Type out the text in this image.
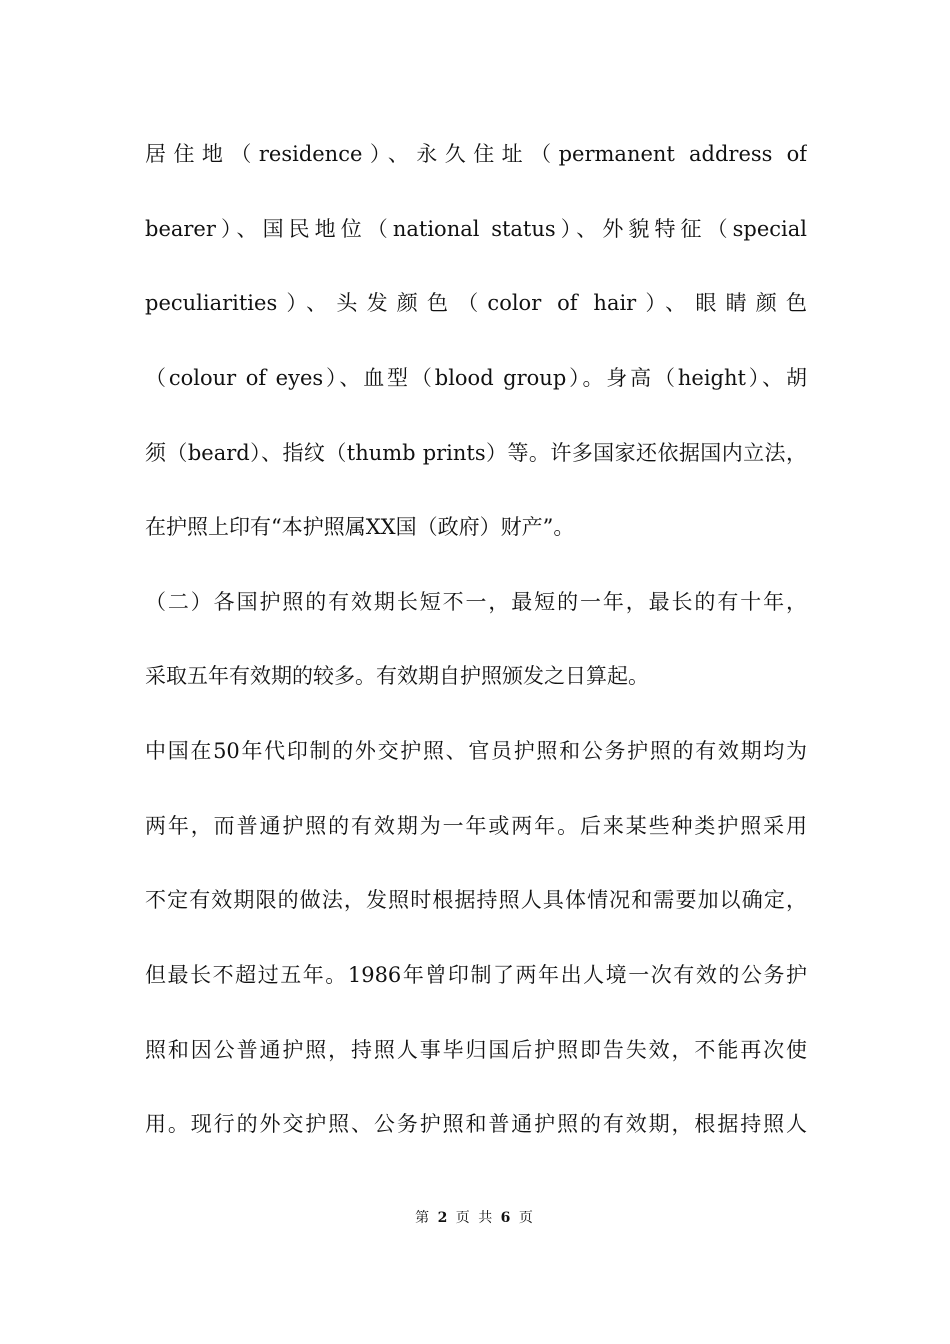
居住地（residence）、永久住址（permanent address of
bearer）、国民地位（national status）、外貌特征（special
peculiarities）、头发颜色（color of hair）、眼睛颜色
（colour of eyes）、血型（blood group）。身高（height）、胡
须（beard）、指纹（thumb prints）等。许多国家还依据国内立法，
在护照上印有“本护照属XX国（政府）财产”。
（二）各国护照的有效期长短不一，最短的一年，最长的有十年，
采取五年有效期的较多。有效期自护照颁发之日算起。
中国在50年代印制的外交护照、官员护照和公务护照的有效期均为
两年，而普通护照的有效期为一年或两年。后来某些种类护照采用
不定有效期限的做法，发照时根据持照人具体情况和需要加以确定，
但最长不超过五年。1986年曾印制了两年出人境一次有效的公务护
照和因公普通护照，持照人事毕归国后护照即告失效，不能再次使
用。现行的外交护照、公务护照和普通护照的有效期，根据持照人
第 2 页 共 6 页
